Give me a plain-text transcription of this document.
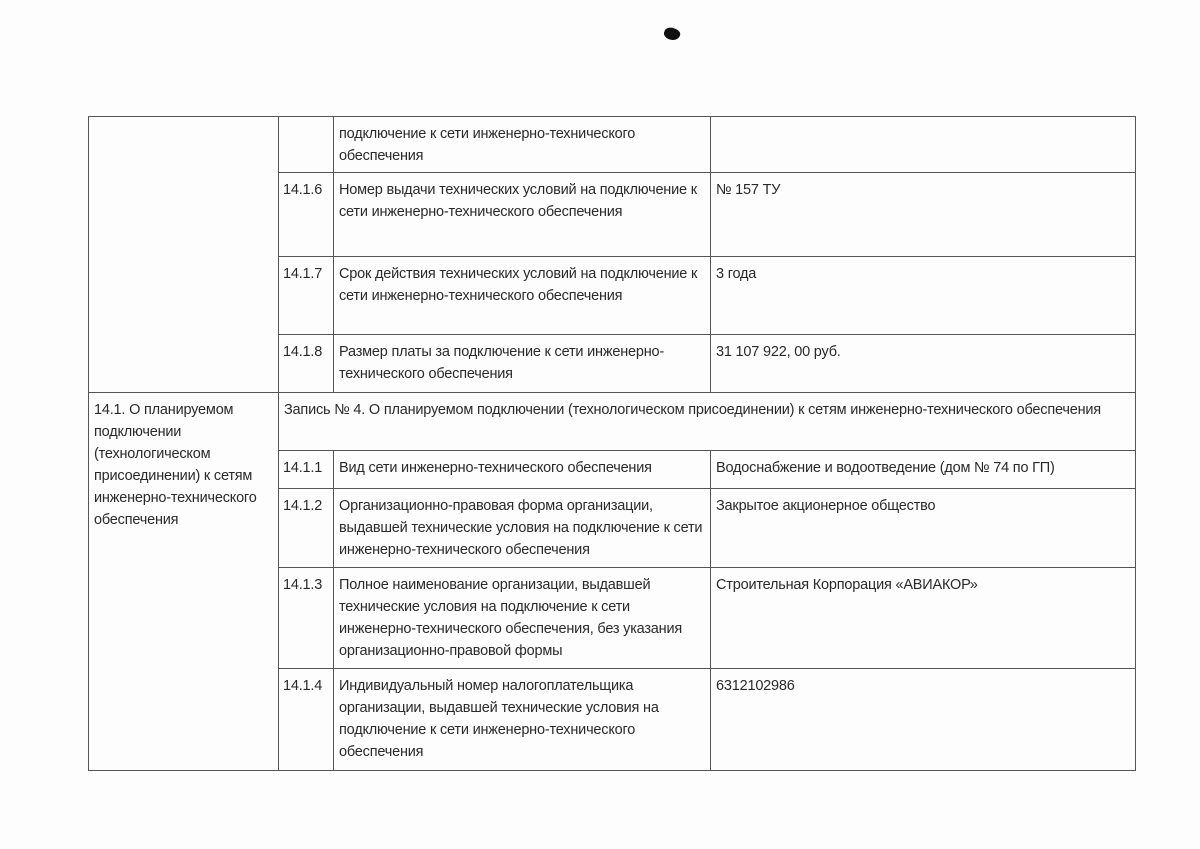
		подключение к сети инженерно-технического обеспечения	
	14.1.6	Номер выдачи технических условий на подключение к сети инженерно-технического обеспечения	№ 157 ТУ
	14.1.7	Срок действия технических условий на подключение к сети инженерно-технического обеспечения	3 года
	14.1.8	Размер платы за подключение к сети инженерно-технического обеспечения	31 107 922, 00 руб.
14.1. О планируемом подключении (технологическом присоединении) к сетям инженерно-технического обеспечения	Запись № 4. О планируемом подключении (технологическом присоединении) к сетям инженерно-технического обеспечения		
	14.1.1	Вид сети инженерно-технического обеспечения	Водоснабжение и водоотведение (дом № 74 по ГП)
	14.1.2	Организационно-правовая форма организации, выдавшей технические условия на подключение к сети инженерно-технического обеспечения	Закрытое акционерное общество
	14.1.3	Полное наименование организации, выдавшей технические условия на подключение к сети инженерно-технического обеспечения, без указания организационно-правовой формы	Строительная Корпорация «АВИАКОР»
	14.1.4	Индивидуальный номер налогоплательщика организации, выдавшей технические условия на подключение к сети инженерно-технического обеспечения	6312102986
